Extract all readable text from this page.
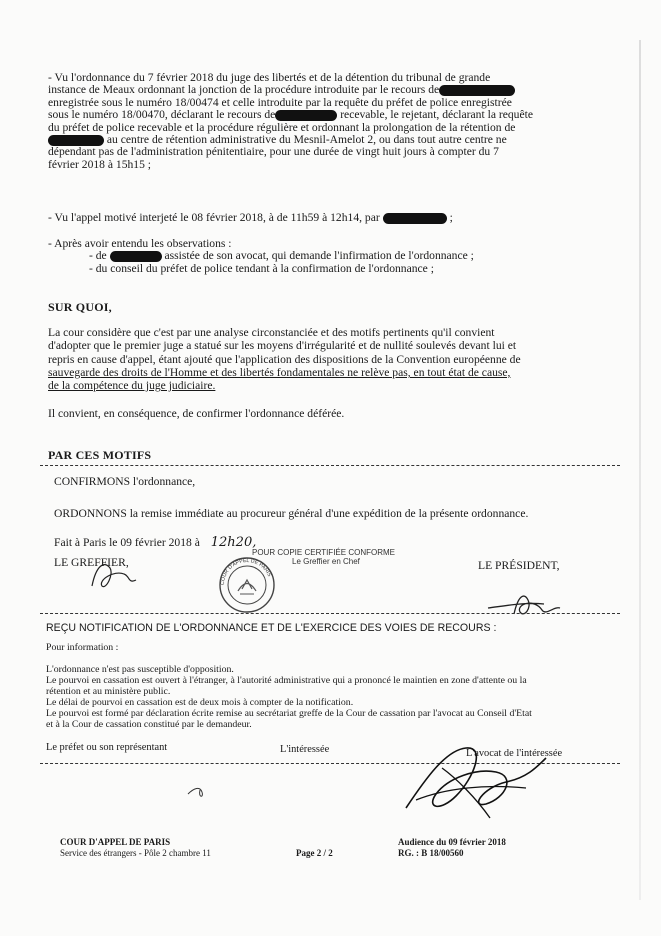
- Vu l'ordonnance du 7 février 2018 du juge des libertés et de la détention du tribunal de grande
instance de Meaux ordonnant la jonction de la procédure introduite par le recours de
enregistrée sous le numéro 18/00474 et celle introduite par la requête du préfet de police enregistrée
sous le numéro 18/00470, déclarant le recours de	recevable, le rejetant, déclarant la requête
du préfet de police recevable et la procédure régulière et ordonnant la prolongation de la rétention de
au centre de rétention administrative du Mesnil-Amelot 2, ou dans tout autre centre ne
dépendant pas de l'administration pénitentiaire, pour une durée de vingt huit jours à compter du 7
février 2018 à 15h15 ;
- Vu l'appel motivé interjeté le 08 février 2018, à de 11h59 à 12h14, par	;
- Après avoir entendu les observations :
- de	assistée de son avocat, qui demande l'infirmation de l'ordonnance ;
- du conseil du préfet de police tendant à la confirmation de l'ordonnance ;
SUR QUOI,
La cour considère que c'est par une analyse circonstanciée et des motifs pertinents qu'il convient
d'adopter que le premier juge a statué sur les moyens d'irrégularité et de nullité soulevés devant lui et
repris en cause d'appel, étant ajouté que l'application des dispositions de la Convention européenne de
sauvegarde des droits de l'Homme et des libertés fondamentales ne relève pas, en tout état de cause,
de la compétence du juge judiciaire.
Il convient, en conséquence, de confirmer l'ordonnance déférée.
PAR CES MOTIFS
CONFIRMONS l'ordonnance,
ORDONNONS la remise immédiate au procureur général d'une expédition de la présente ordonnance.
Fait à Paris le 09 février 2018 à 12h20,
LE GREFFIER,	LE PRÉSIDENT,
POUR COPIE CERTIFIÉE CONFORME
Le Greffier en Chef
COUR D'APPEL DE PARIS
REÇU NOTIFICATION DE L'ORDONNANCE ET DE L'EXERCICE DES VOIES DE RECOURS :
Pour information :
L'ordonnance n'est pas susceptible d'opposition.
Le pourvoi en cassation est ouvert à l'étranger, à l'autorité administrative qui a prononcé le maintien en zone d'attente ou la
rétention et au ministère public.
Le délai de pourvoi en cassation est de deux mois à compter de la notification.
Le pourvoi est formé par déclaration écrite remise au secrétariat greffe de la Cour de cassation par l'avocat au Conseil d'Etat
et à la Cour de cassation constitué par le demandeur.
Le préfet ou son représentant	L'intéressée	L'avocat de l'intéressée
COUR D'APPEL DE PARIS
Service des étrangers - Pôle 2 chambre 11	Page 2 / 2
Audience du 09 février 2018
RG. : B 18/00560
